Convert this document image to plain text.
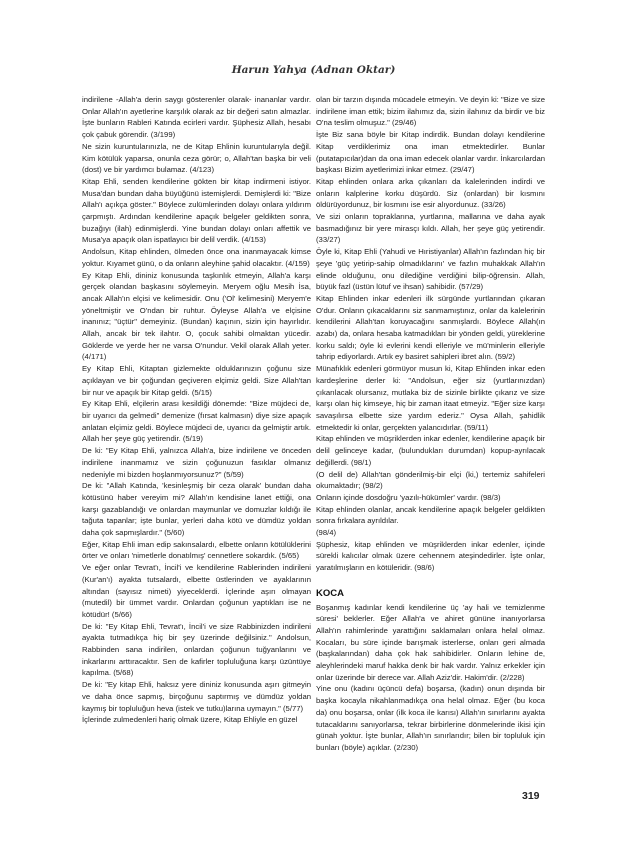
Harun Yahya (Adnan Oktar)

indirilene -Allah'a derin saygı gösterenler olarak- inananlar vardır. Onlar Allah'ın ayetlerine karşılık olarak az bir değeri satın almazlar. İşte bunların Rableri Katında ecirleri vardır. Şüphesiz Allah, hesabı çok çabuk görendir. (3/199)

Ne sizin kuruntularınızla, ne de Kitap Ehlinin kuruntularıyla değil. Kim kötülük yaparsa, onunla ceza görür; o, Allah'tan başka bir veli (dost) ve bir yardımcı bulamaz. (4/123)

Kitap Ehli, senden kendilerine gökten bir kitap indirmeni istiyor. Musa'dan bundan daha büyüğünü istemişlerdi. Demişlerdi ki: "Bize Allah'ı açıkça göster." Böylece zulümlerinden dolayı onlara yıldırım çarpmıştı. Ardından kendilerine apaçık belgeler geldikten sonra, buzağıyı (ilah) edinmişlerdi. Yine bundan dolayı onları affettik ve Musa'ya apaçık olan ispatlayıcı bir delil verdik. (4/153)

Andolsun, Kitap ehlinden, ölmeden önce ona inanmayacak kimse yoktur. Kıyamet günü, o da onların aleyhine şahid olacaktır. (4/159)

Ey Kitap Ehli, dininiz konusunda taşkınlık etmeyin, Allah'a karşı gerçek olandan başkasını söylemeyin. Meryem oğlu Mesih İsa, ancak Allah'ın elçisi ve kelimesidir. Onu ('Ol' kelimesini) Meryem'e yöneltmiştir ve O'ndan bir ruhtur. Öyleyse Allah'a ve elçisine inanınız; "üçtür" demeyiniz. (Bundan) kaçının, sizin için hayırlıdır. Allah, ancak bir tek ilahtır. O, çocuk sahibi olmaktan yücedir. Göklerde ve yerde her ne varsa O'nundur. Vekil olarak Allah yeter. (4/171)

Ey Kitap Ehli, Kitaptan gizlemekte olduklarınızın çoğunu size açıklayan ve bir çoğundan geçiveren elçimiz geldi. Size Allah'tan bir nur ve apaçık bir Kitap geldi. (5/15)

Ey Kitap Ehli, elçilerin arası kesildiği dönemde: "Bize müjdeci de, bir uyarıcı da gelmedi" demenize (fırsat kalmasın) diye size apaçık anlatan elçimiz geldi. Böylece müjdeci de, uyarıcı da gelmiştir artık. Allah her şeye güç yetirendir. (5/19)

De ki: "Ey Kitap Ehli, yalnızca Allah'a, bize indirilene ve önceden indirilene inanmamız ve sizin çoğunuzun fasıklar olmanız nedeniyle mi bizden hoşlanmıyorsunuz?" (5/59)

De ki: "Allah Katında, 'kesinleşmiş bir ceza olarak' bundan daha kötüsünü haber vereyim mi? Allah'ın kendisine lanet ettiği, ona karşı gazablandığı ve onlardan maymunlar ve domuzlar kıldığı ile tağuta tapanlar; işte bunlar, yerleri daha kötü ve dümdüz yoldan daha çok sapmışlardır." (5/60)

Eğer, Kitap Ehli iman edip sakınsalardı, elbette onların kötülüklerini örter ve onları 'nimetlerle donatılmış' cennetlere sokardık. (5/65)

Ve eğer onlar Tevrat'ı, İncil'i ve kendilerine Rablerinden indirileni (Kur'an'ı) ayakta tutsalardı, elbette üstlerinden ve ayaklarının altından (sayısız nimeti) yiyeceklerdi. İçlerinde aşırı olmayan (mutedil) bir ümmet vardır. Onlardan çoğunun yaptıkları ise ne kötüdür! (5/66)

De ki: "Ey Kitap Ehli, Tevrat'ı, İncil'i ve size Rabbinizden indirileni ayakta tutmadıkça hiç bir şey üzerinde değilsiniz." Andolsun, Rabbinden sana indirilen, onlardan çoğunun tuğyanlarını ve inkarlarını arttıracaktır. Sen de kafirler topluluğuna karşı üzüntüye kapılma. (5/68)

De ki: "Ey kitap Ehli, haksız yere dininiz konusunda aşırı gitmeyin ve daha önce sapmış, birçoğunu saptırmış ve dümdüz yoldan kaymış bir topluluğun heva (istek ve tutku)larına uymayın." (5/77)

İçlerinde zulmedenleri hariç olmak üzere, Kitap Ehliyle en güzel

olan bir tarzın dışında mücadele etmeyin. Ve deyin ki: "Bize ve size indirilene iman ettik; bizim ilahımız da, sizin ilahınız da birdir ve biz O'na teslim olmuşuz." (29/46)

İşte Biz sana böyle bir Kitap indirdik. Bundan dolayı kendilerine Kitap verdiklerimiz ona iman etmektedirler. Bunlar (putatapıcılar)dan da ona iman edecek olanlar vardır. İnkarcılardan başkası Bizim ayetlerimizi inkar etmez. (29/47)

Kitap ehlinden onlara arka çıkanları da kalelerinden indirdi ve onların kalplerine korku düşürdü. Siz (onlardan) bir kısmını öldürüyordunuz, bir kısmını ise esir alıyordunuz. (33/26)

Ve sizi onların topraklarına, yurtlarına, mallarına ve daha ayak basmadığınız bir yere mirasçı kıldı. Allah, her şeye güç yetirendir. (33/27)

Öyle ki, Kitap Ehli (Yahudi ve Hıristiyanlar) Allah'ın fazlından hiç bir şeye 'güç yetirip-sahip olmadıklarını' ve fazlın muhakkak Allah'ın elinde olduğunu, onu dilediğine verdiğini bilip-öğrensin. Allah, büyük fazl (üstün lütuf ve ihsan) sahibidir. (57/29)

Kitap Ehlinden inkar edenleri ilk sürgünde yurtlarından çıkaran O'dur. Onların çıkacaklarını siz sanmamıştınız, onlar da kalelerinin kendilerini Allah'tan koruyacağını sanmışlardı. Böylece Allah(ın azabı) da, onlara hesaba katmadıkları bir yönden geldi, yüreklerine korku saldı; öyle ki evlerini kendi elleriyle ve mü'minlerin elleriyle tahrip ediyorlardı. Artık ey basiret sahipleri ibret alın. (59/2)

Münafıklık edenleri görmüyor musun ki, Kitap Ehlinden inkar eden kardeşlerine derler ki: "Andolsun, eğer siz (yurtlarınızdan) çıkarılacak olursanız, mutlaka biz de sizinle birlikte çıkarız ve size karşı olan hiç kimseye, hiç bir zaman itaat etmeyiz. "Eğer size karşı savaşılırsa elbette size yardım ederiz." Oysa Allah, şahidlik etmektedir ki onlar, gerçekten yalancıdırlar. (59/11)

Kitap ehlinden ve müşriklerden inkar edenler, kendilerine apaçık bir delil gelinceye kadar, (bulundukları durumdan) kopup-ayrılacak değillerdi. (98/1)

(O delil de) Allah'tan gönderilmiş-bir elçi (ki,) tertemiz sahifeleri okumaktadır; (98/2)

Onların içinde dosdoğru 'yazılı-hükümler' vardır. (98/3)

Kitap ehlinden olanlar, ancak kendilerine apaçık belgeler geldikten sonra fırkalara ayrıldılar.

(98/4)

Şüphesiz, kitap ehlinden ve müşriklerden inkar edenler, içinde sürekli kalıcılar olmak üzere cehennem ateşindedirler. İşte onlar, yaratılmışların en kötüleridir. (98/6)

KOCA

Boşanmış kadınlar kendi kendilerine üç 'ay hali ve temizlenme süresi' beklerler. Eğer Allah'a ve ahiret gününe inanıyorlarsa Allah'ın rahimlerinde yarattığını saklamaları onlara helal olmaz. Kocaları, bu süre içinde barışmak isterlerse, onları geri almada (başkalarından) daha çok hak sahibidirler. Onların lehine de, aleyhlerindeki maruf hakka denk bir hak vardır. Yalnız erkekler için onlar üzerinde bir derece var. Allah Aziz'dir. Hakim'dir. (2/228)

Yine onu (kadını üçüncü defa) boşarsa, (kadın) onun dışında bir başka kocayla nikahlanmadıkça ona helal olmaz. Eğer (bu koca da) onu boşarsa, onlar (ilk koca ile karısı) Allah'ın sınırlarını ayakta tutacaklarını sanıyorlarsa, tekrar birbirlerine dönmelerinde ikisi için günah yoktur. İşte bunlar, Allah'ın sınırlarıdır; bilen bir topluluk için bunları (böyle) açıklar. (2/230)

319
